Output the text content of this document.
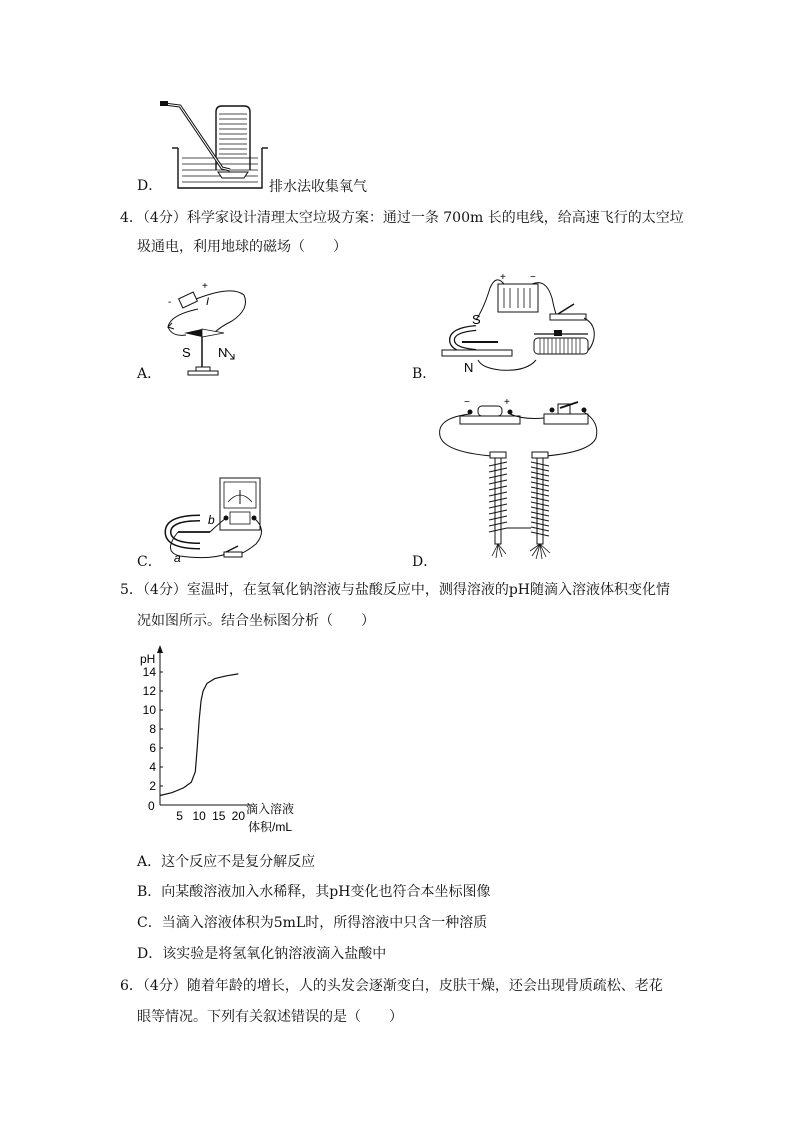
D．	排水法收集氧气
4．（4分）科学家设计清理太空垃圾方案：通过一条 700m 长的电线，给高速飞行的太空垃
圾通电，利用地球的磁场（　　）
A．
-
+
I
S N
B．
+ −
S
N
C．
b
a	D．
−	+
5．（4分）室温时，在氢氧化钠溶液与盐酸反应中，测得溶液的pH随滴入溶液体积变化情
况如图所示。结合坐标图分析（　　）
pH
0	滴入溶液
体积/mL
2
4
6
8
10
12
14
5 10 15 20
A．这个反应不是复分解反应
B．向某酸溶液加入水稀释，其pH变化也符合本坐标图像
C．当滴入溶液体积为5mL时，所得溶液中只含一种溶质
D．该实验是将氢氧化钠溶液滴入盐酸中
6．（4分）随着年龄的增长，人的头发会逐渐变白，皮肤干燥，还会出现骨质疏松、老花
眼等情况。下列有关叙述错误的是（　　）
